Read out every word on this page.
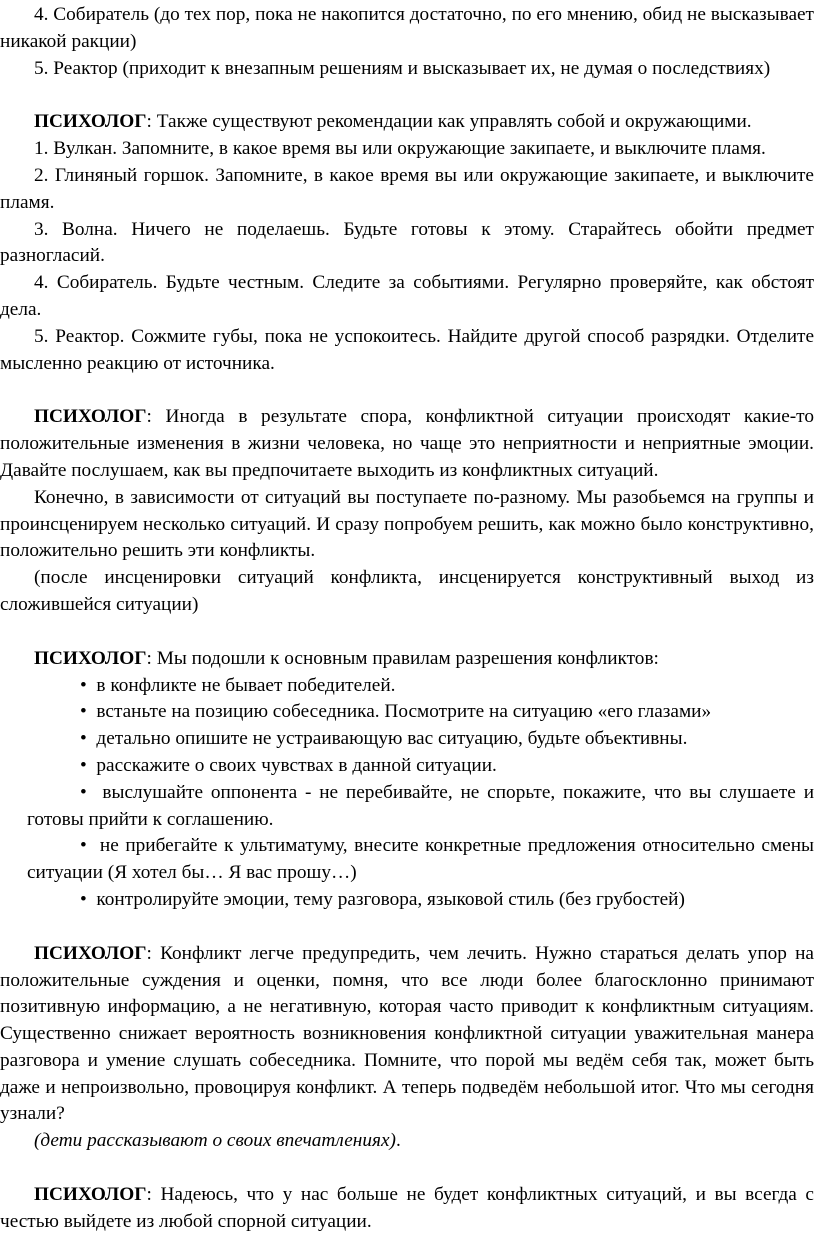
4. Собиратель (до тех пор, пока не накопится достаточно, по его мнению, обид не высказывает никакой ракции)

5. Реактор (приходит к внезапным решениям и высказывает их, не думая о последствиях)

ПСИХОЛОГ: Также существуют рекомендации как управлять собой и окружающими.

1. Вулкан. Запомните, в какое время вы или окружающие закипаете, и выключите пламя.

2. Глиняный горшок. Запомните, в какое время вы или окружающие закипаете, и выключите пламя.

3. Волна. Ничего не поделаешь. Будьте готовы к этому. Старайтесь обойти предмет разногласий.

4. Собиратель. Будьте честным. Следите за событиями. Регулярно проверяйте, как обстоят дела.

5. Реактор. Сожмите губы, пока не успокоитесь. Найдите другой способ разрядки. Отделите мысленно реакцию от источника.

ПСИХОЛОГ: Иногда в результате спора, конфликтной ситуации происходят какие-то положительные изменения в жизни человека, но чаще это неприятности и неприятные эмоции. Давайте послушаем, как вы предпочитаете выходить из конфликтных ситуаций.

Конечно, в зависимости от ситуаций вы поступаете по-разному. Мы разобьемся на группы и проинсценируем несколько ситуаций. И сразу попробуем решить, как можно было конструктивно, положительно решить эти конфликты.

(после инсценировки ситуаций конфликта, инсценируется конструктивный выход из сложившейся ситуации)

ПСИХОЛОГ: Мы подошли к основным правилам разрешения конфликтов:

• в конфликте не бывает победителей.
• встаньте на позицию собеседника. Посмотрите на ситуацию «его глазами»
• детально опишите не устраивающую вас ситуацию, будьте объективны.
• расскажите о своих чувствах в данной ситуации.
• выслушайте оппонента - не перебивайте, не спорьте, покажите, что вы слушаете и готовы прийти к соглашению.
• не прибегайте к ультиматуму, внесите конкретные предложения относительно смены ситуации (Я хотел бы… Я вас прошу…)
• контролируйте эмоции, тему разговора, языковой стиль (без грубостей)

ПСИХОЛОГ: Конфликт легче предупредить, чем лечить. Нужно стараться делать упор на положительные суждения и оценки, помня, что все люди более благосклонно принимают позитивную информацию, а не негативную, которая часто приводит к конфликтным ситуациям. Существенно снижает вероятность возникновения конфликтной ситуации уважительная манера разговора и умение слушать собеседника. Помните, что порой мы ведём себя так, может быть даже и непроизвольно, провоцируя конфликт. А теперь подведём небольшой итог. Что мы сегодня узнали?

(дети рассказывают о своих впечатлениях).

ПСИХОЛОГ: Надеюсь, что у нас больше не будет конфликтных ситуаций, и вы всегда с честью выйдете из любой спорной ситуации.
